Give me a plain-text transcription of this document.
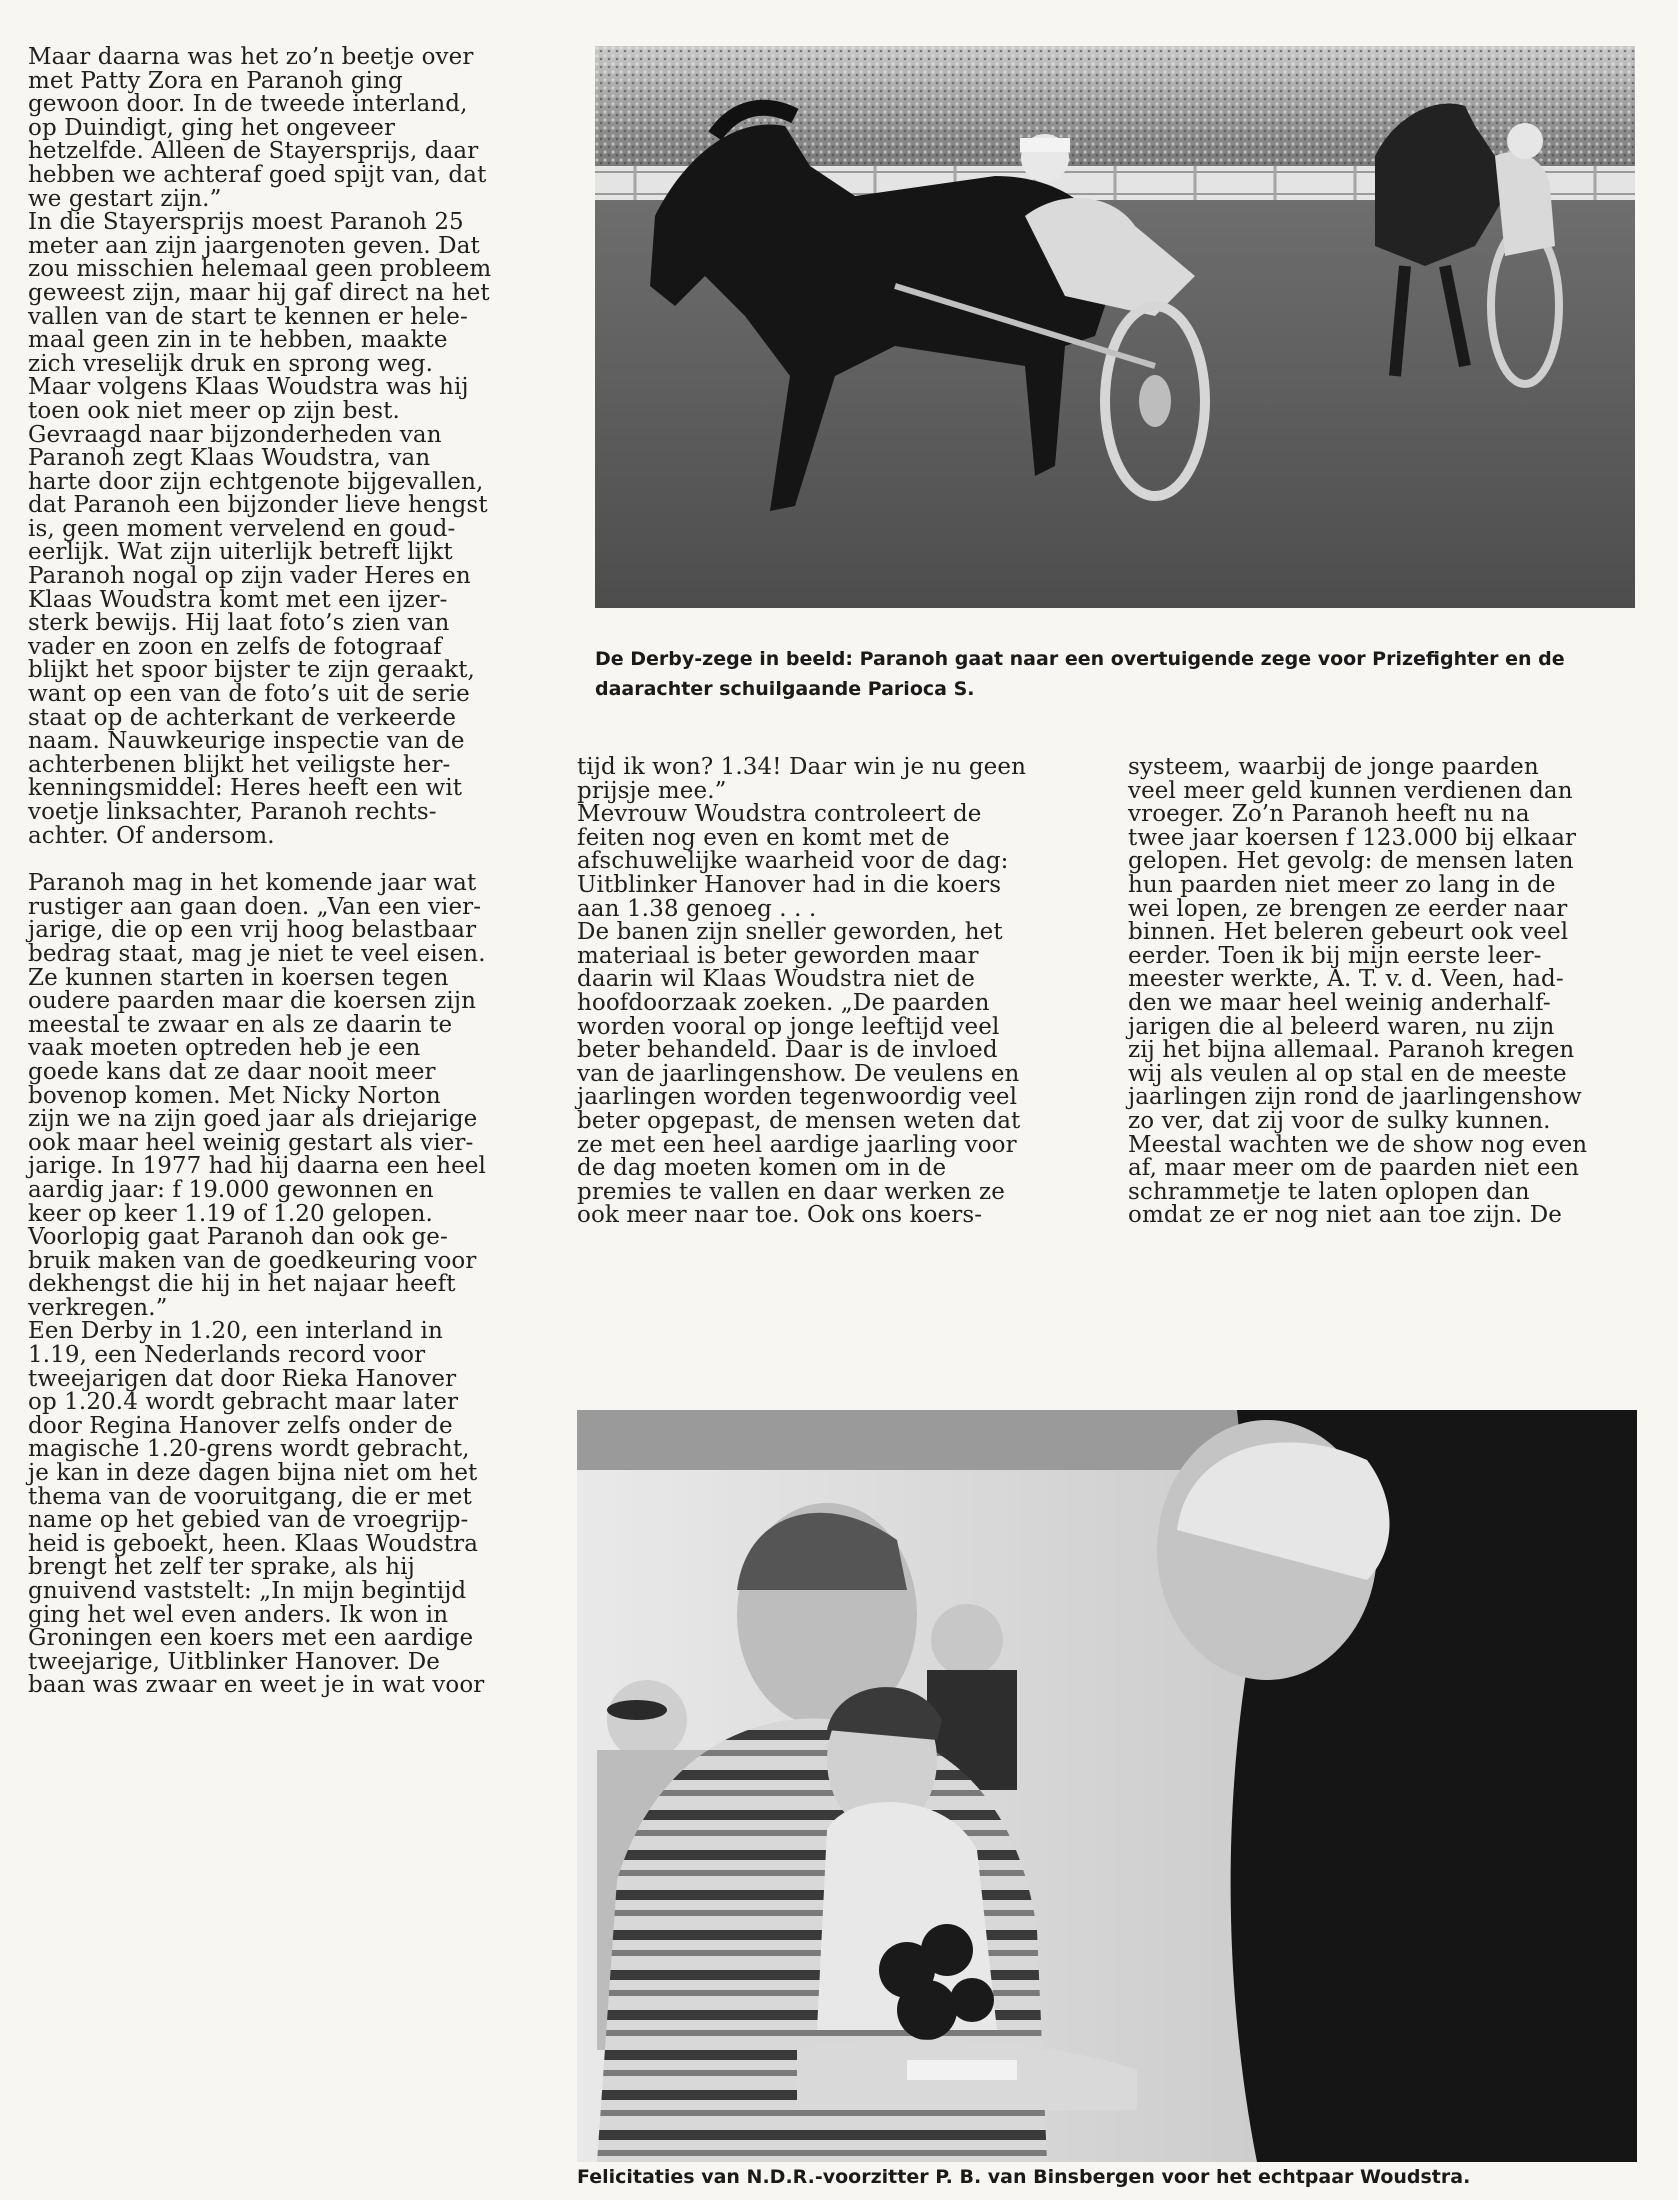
Maar daarna was het zo’n beetje over
met Patty Zora en Paranoh ging
gewoon door. In de tweede interland,
op Duindigt, ging het ongeveer
hetzelfde. Alleen de Stayersprijs, daar
hebben we achteraf goed spijt van, dat
we gestart zijn.”
In die Stayersprijs moest Paranoh 25
meter aan zijn jaargenoten geven. Dat
zou misschien helemaal geen probleem
geweest zijn, maar hij gaf direct na het
vallen van de start te kennen er hele-
maal geen zin in te hebben, maakte
zich vreselijk druk en sprong weg.
Maar volgens Klaas Woudstra was hij
toen ook niet meer op zijn best.
Gevraagd naar bijzonderheden van
Paranoh zegt Klaas Woudstra, van
harte door zijn echtgenote bijgevallen,
dat Paranoh een bijzonder lieve hengst
is, geen moment vervelend en goud-
eerlijk. Wat zijn uiterlijk betreft lijkt
Paranoh nogal op zijn vader Heres en
Klaas Woudstra komt met een ijzer-
sterk bewijs. Hij laat foto’s zien van
vader en zoon en zelfs de fotograaf
blijkt het spoor bijster te zijn geraakt,
want op een van de foto’s uit de serie
staat op de achterkant de verkeerde
naam. Nauwkeurige inspectie van de
achterbenen blijkt het veiligste her-
kenningsmiddel: Heres heeft een wit
voetje linksachter, Paranoh rechts-
achter. Of andersom.
Paranoh mag in het komende jaar wat
rustiger aan gaan doen. „Van een vier-
jarige, die op een vrij hoog belastbaar
bedrag staat, mag je niet te veel eisen.
Ze kunnen starten in koersen tegen
oudere paarden maar die koersen zijn
meestal te zwaar en als ze daarin te
vaak moeten optreden heb je een
goede kans dat ze daar nooit meer
bovenop komen. Met Nicky Norton
zijn we na zijn goed jaar als driejarige
ook maar heel weinig gestart als vier-
jarige. In 1977 had hij daarna een heel
aardig jaar: f 19.000 gewonnen en
keer op keer 1.19 of 1.20 gelopen.
Voorlopig gaat Paranoh dan ook ge-
bruik maken van de goedkeuring voor
dekhengst die hij in het najaar heeft
verkregen.”
Een Derby in 1.20, een interland in
1.19, een Nederlands record voor
tweejarigen dat door Rieka Hanover
op 1.20.4 wordt gebracht maar later
door Regina Hanover zelfs onder de
magische 1.20-grens wordt gebracht,
je kan in deze dagen bijna niet om het
thema van de vooruitgang, die er met
name op het gebied van de vroegrijp-
heid is geboekt, heen. Klaas Woudstra
brengt het zelf ter sprake, als hij
gnuivend vaststelt: „In mijn begintijd
ging het wel even anders. Ik won in
Groningen een koers met een aardige
tweejarige, Uitblinker Hanover. De
baan was zwaar en weet je in wat voor
De Derby-zege in beeld: Paranoh gaat naar een overtuigende zege voor Prizefighter en de
daarachter schuilgaande Parioca S.
tijd ik won? 1.34! Daar win je nu geen
prijsje mee.”
Mevrouw Woudstra controleert de
feiten nog even en komt met de
afschuwelijke waarheid voor de dag:
Uitblinker Hanover had in die koers
aan 1.38 genoeg . . .
De banen zijn sneller geworden, het
materiaal is beter geworden maar
daarin wil Klaas Woudstra niet de
hoofdoorzaak zoeken. „De paarden
worden vooral op jonge leeftijd veel
beter behandeld. Daar is de invloed
van de jaarlingenshow. De veulens en
jaarlingen worden tegenwoordig veel
beter opgepast, de mensen weten dat
ze met een heel aardige jaarling voor
de dag moeten komen om in de
premies te vallen en daar werken ze
ook meer naar toe. Ook ons koers-
systeem, waarbij de jonge paarden
veel meer geld kunnen verdienen dan
vroeger. Zo’n Paranoh heeft nu na
twee jaar koersen f 123.000 bij elkaar
gelopen. Het gevolg: de mensen laten
hun paarden niet meer zo lang in de
wei lopen, ze brengen ze eerder naar
binnen. Het beleren gebeurt ook veel
eerder. Toen ik bij mijn eerste leer-
meester werkte, A. T. v. d. Veen, had-
den we maar heel weinig anderhalf-
jarigen die al beleerd waren, nu zijn
zij het bijna allemaal. Paranoh kregen
wij als veulen al op stal en de meeste
jaarlingen zijn rond de jaarlingenshow
zo ver, dat zij voor de sulky kunnen.
Meestal wachten we de show nog even
af, maar meer om de paarden niet een
schrammetje te laten oplopen dan
omdat ze er nog niet aan toe zijn. De
Felicitaties van N.D.R.-voorzitter P. B. van Binsbergen voor het echtpaar Woudstra.
